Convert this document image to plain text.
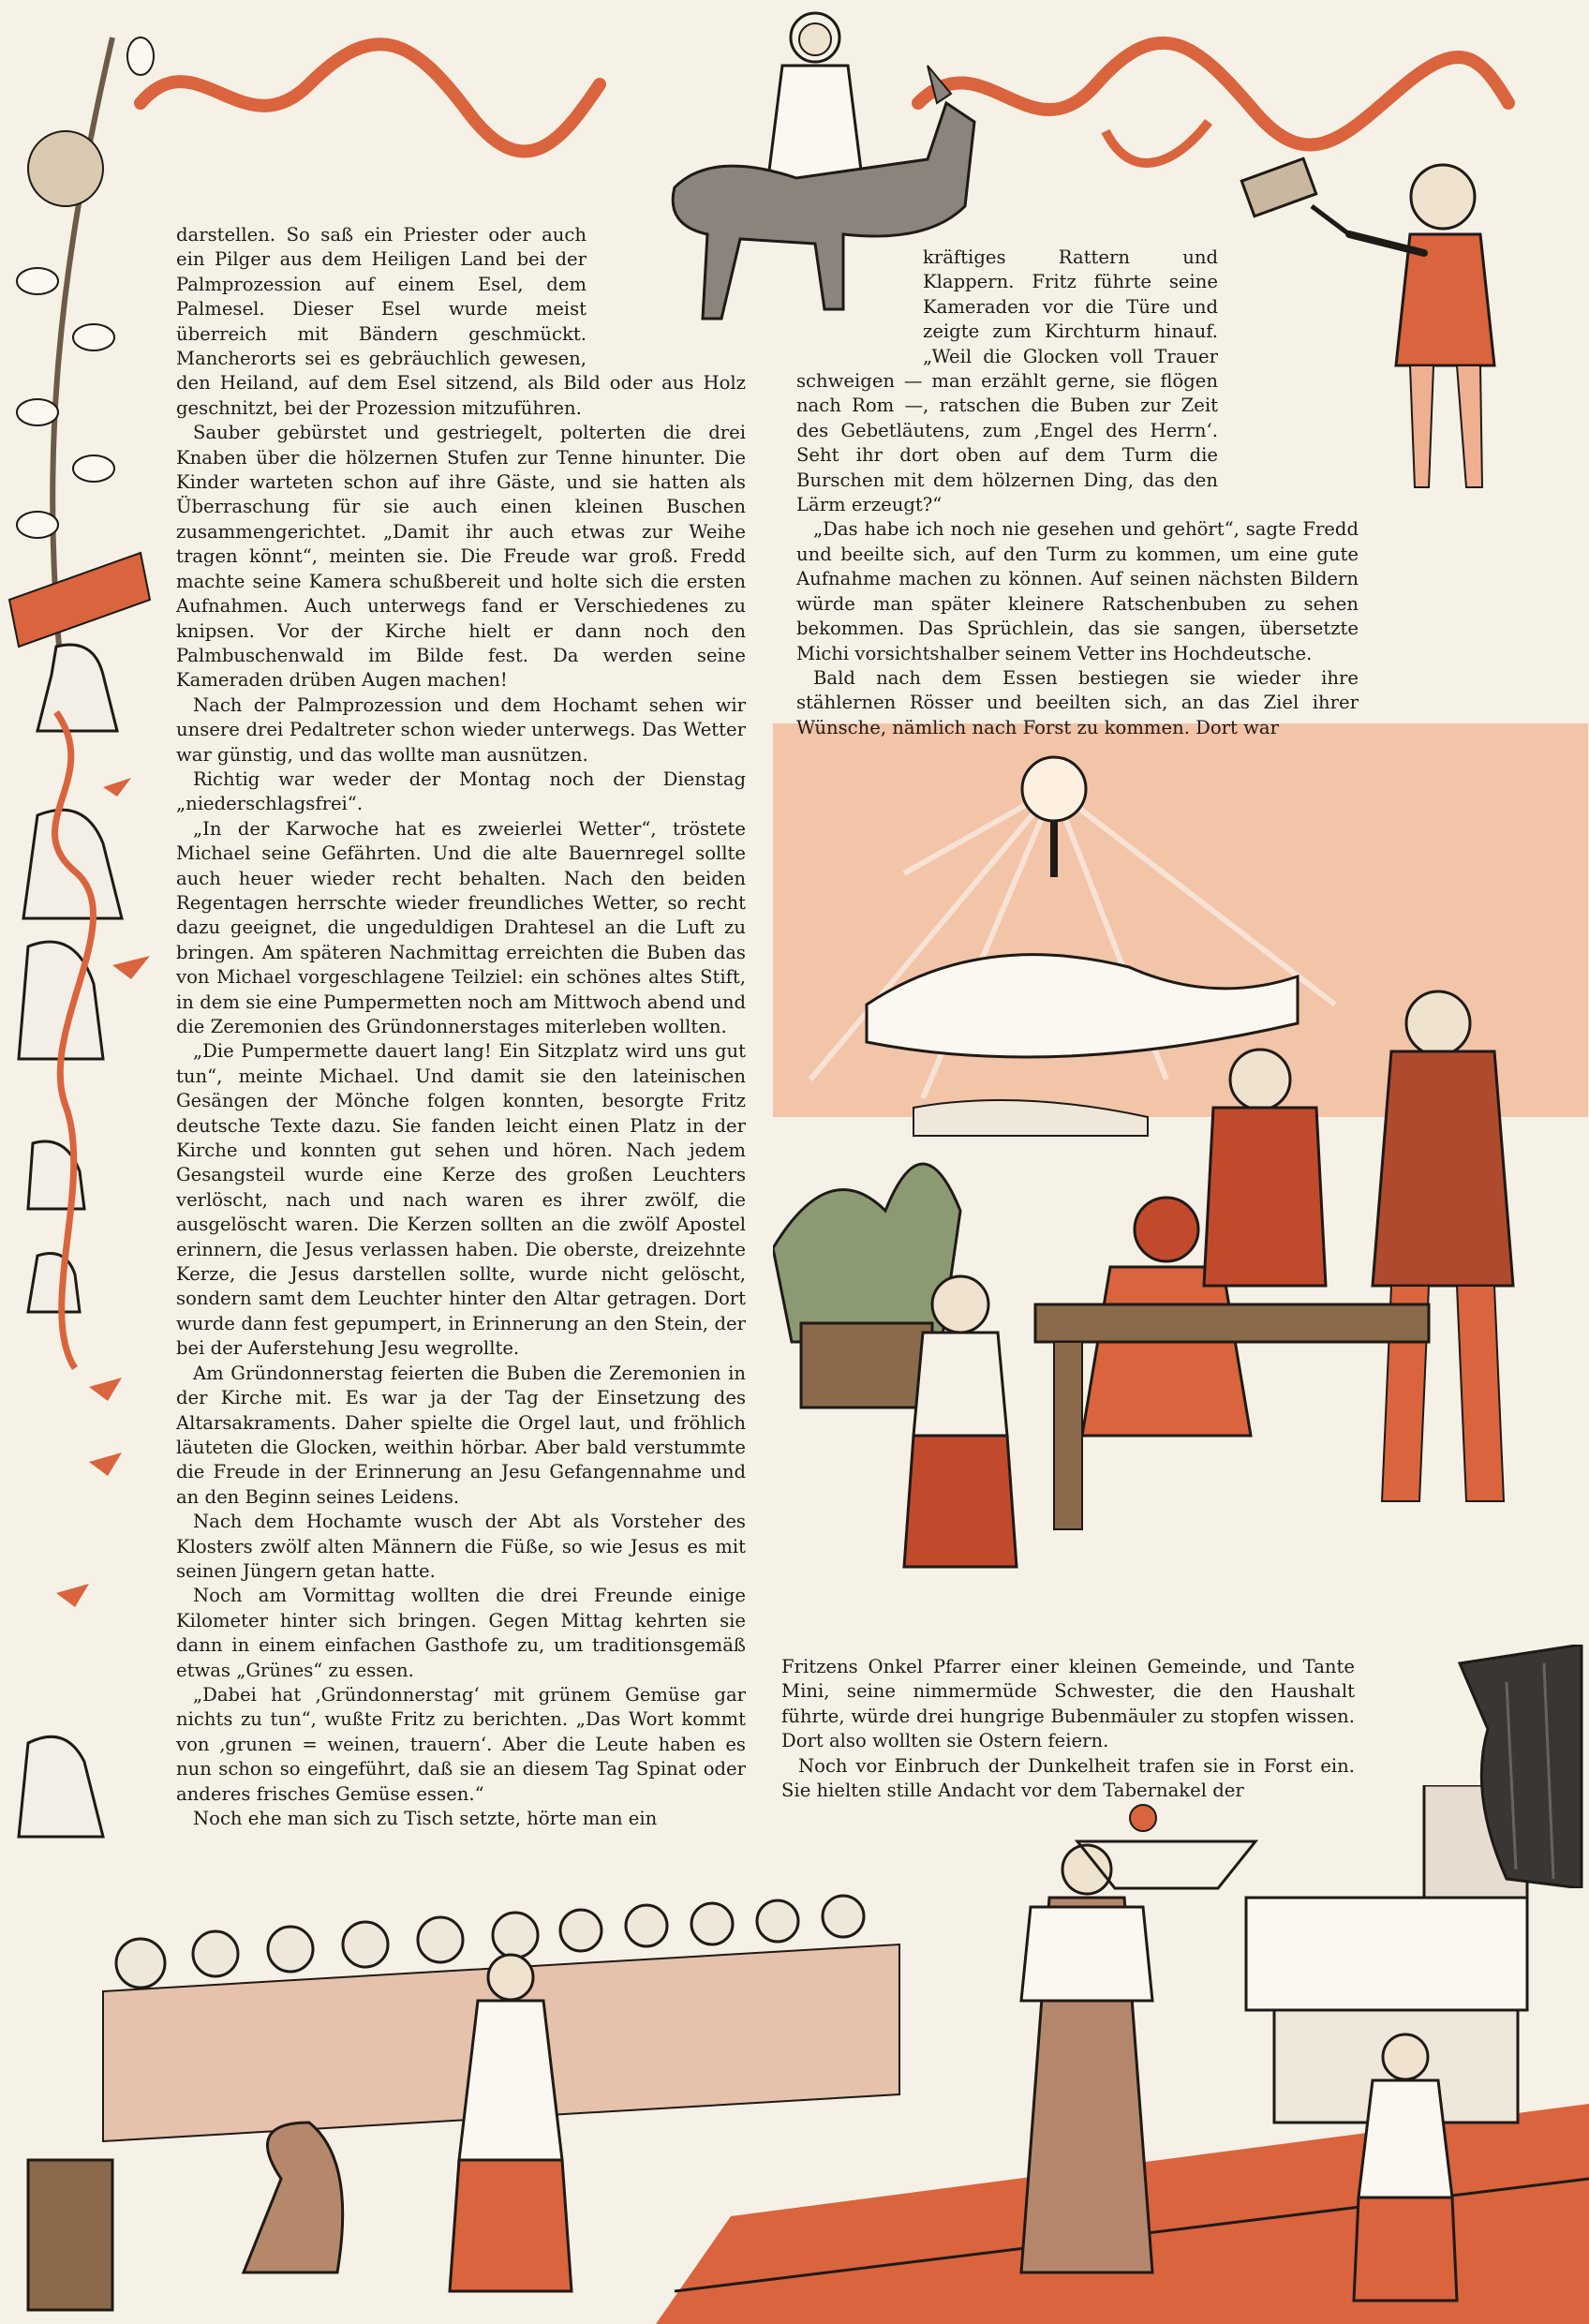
darstellen. So saß ein Priester oder auch ein Pilger aus dem Heiligen Land bei der Palmprozession auf einem Esel, dem Palmesel. Dieser Esel wurde meist überreich mit Bändern geschmückt. Mancherorts sei es gebräuchlich gewesen, den Heiland, auf dem Esel sitzend, als Bild oder aus Holz geschnitzt, bei der Prozession mitzuführen.

Sauber gebürstet und gestriegelt, polterten die drei Knaben über die hölzernen Stufen zur Tenne hinunter. Die Kinder warteten schon auf ihre Gäste, und sie hatten als Überraschung für sie auch einen kleinen Buschen zusammengerichtet. „Damit ihr auch etwas zur Weihe tragen könnt“, meinten sie. Die Freude war groß. Fredd machte seine Kamera schußbereit und holte sich die ersten Aufnahmen. Auch unterwegs fand er Verschiedenes zu knipsen. Vor der Kirche hielt er dann noch den Palmbuschenwald im Bilde fest. Da werden seine Kameraden drüben Augen machen!

Nach der Palmprozession und dem Hochamt sehen wir unsere drei Pedaltreter schon wieder unterwegs. Das Wetter war günstig, und das wollte man ausnützen.

Richtig war weder der Montag noch der Dienstag „niederschlagsfrei“.

„In der Karwoche hat es zweierlei Wetter“, tröstete Michael seine Gefährten. Und die alte Bauernregel sollte auch heuer wieder recht behalten. Nach den beiden Regentagen herrschte wieder freundliches Wetter, so recht dazu geeignet, die ungeduldigen Drahtesel an die Luft zu bringen. Am späteren Nachmittag erreichten die Buben das von Michael vorgeschlagene Teilziel: ein schönes altes Stift, in dem sie eine Pumpermetten noch am Mittwoch abend und die Zeremonien des Gründonnerstages miterleben wollten.

„Die Pumpermette dauert lang! Ein Sitzplatz wird uns gut tun“, meinte Michael. Und damit sie den lateinischen Gesängen der Mönche folgen konnten, besorgte Fritz deutsche Texte dazu. Sie fanden leicht einen Platz in der Kirche und konnten gut sehen und hören. Nach jedem Gesangsteil wurde eine Kerze des großen Leuchters verlöscht, nach und nach waren es ihrer zwölf, die ausgelöscht waren. Die Kerzen sollten an die zwölf Apostel erinnern, die Jesus verlassen haben. Die oberste, dreizehnte Kerze, die Jesus darstellen sollte, wurde nicht gelöscht, sondern samt dem Leuchter hinter den Altar getragen. Dort wurde dann fest gepumpert, in Erinnerung an den Stein, der bei der Auferstehung Jesu wegrollte.

Am Gründonnerstag feierten die Buben die Zeremonien in der Kirche mit. Es war ja der Tag der Einsetzung des Altarsakraments. Daher spielte die Orgel laut, und fröhlich läuteten die Glocken, weithin hörbar. Aber bald verstummte die Freude in der Erinnerung an Jesu Gefangennahme und an den Beginn seines Leidens.

Nach dem Hochamte wusch der Abt als Vorsteher des Klosters zwölf alten Männern die Füße, so wie Jesus es mit seinen Jüngern getan hatte.

Noch am Vormittag wollten die drei Freunde einige Kilometer hinter sich bringen. Gegen Mittag kehrten sie dann in einem einfachen Gasthofe zu, um traditionsgemäß etwas „Grünes“ zu essen.

„Dabei hat ‚Gründonnerstag‘ mit grünem Gemüse gar nichts zu tun“, wußte Fritz zu berichten. „Das Wort kommt von ‚grunen = weinen, trauern‘. Aber die Leute haben es nun schon so eingeführt, daß sie an diesem Tag Spinat oder anderes frisches Gemüse essen.“

Noch ehe man sich zu Tisch setzte, hörte man ein

kräftiges Rattern und Klappern. Fritz führte seine Kameraden vor die Türe und zeigte zum Kirchturm hinauf. „Weil die Glocken voll Trauer schweigen — man erzählt gerne, sie flögen nach Rom —, ratschen die Buben zur Zeit des Gebetläutens, zum ‚Engel des Herrn‘. Seht ihr dort oben auf dem Turm die Burschen mit dem hölzernen Ding, das den Lärm erzeugt?“

„Das habe ich noch nie gesehen und gehört“, sagte Fredd und beeilte sich, auf den Turm zu kommen, um eine gute Aufnahme machen zu können. Auf seinen nächsten Bildern würde man später kleinere Ratschenbuben zu sehen bekommen. Das Sprüchlein, das sie sangen, übersetzte Michi vorsichtshalber seinem Vetter ins Hochdeutsche.

Bald nach dem Essen bestiegen sie wieder ihre stählernen Rösser und beeilten sich, an das Ziel ihrer Wünsche, nämlich nach Forst zu kommen. Dort war

Fritzens Onkel Pfarrer einer kleinen Gemeinde, und Tante Mini, seine nimmermüde Schwester, die den Haushalt führte, würde drei hungrige Bubenmäuler zu stopfen wissen. Dort also wollten sie Ostern feiern.

Noch vor Einbruch der Dunkelheit trafen sie in Forst ein. Sie hielten stille Andacht vor dem Tabernakel der
